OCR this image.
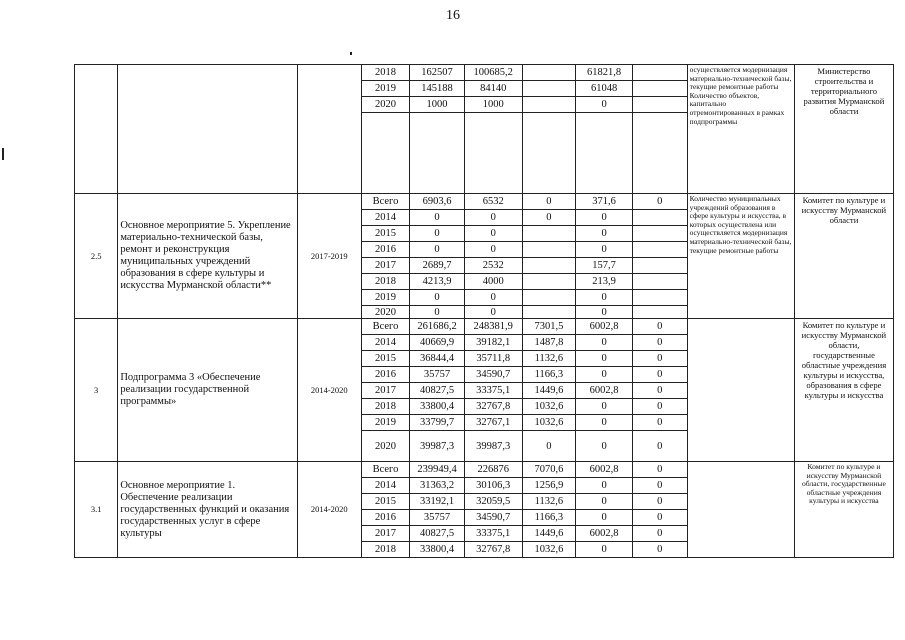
16
			2018	162507	100685,2		61821,8		осуществляется модернизация материально-технической базы, текущие ремонтные работы Количество объектов, капитально отремонтированных в рамках подпрограммы	Министерство строительства и территориального развития Мурманской области
			2019	145188	84140		61048			
			2020	1000	1000		0			

2.5	Основное мероприятие 5. Укрепление материально-технической базы, ремонт и реконструкция муниципальных учреждений образования в сфере культуры и искусства Мурманской области**	2017-2019	Всего	6903,6	6532	0	371,6	0	Количество муниципальных учреждений образования в сфере культуры и искусства, в которых осуществлена или осуществляется модернизация материально-технической базы, текущие ремонтные работы	Комитет по культуре и искусству Мурманской области
			2014	0	0	0	0			
			2015	0	0		0			
			2016	0	0		0			
			2017	2689,7	2532		157,7			
			2018	4213,9	4000		213,9			
			2019	0	0		0			
			2020	0	0		0			
3	Подпрограмма 3 «Обеспечение реализации государственной программы»	2014-2020	Всего	261686,2	248381,9	7301,5	6002,8	0		Комитет по культуре и искусству Мурманской области, государственные областные учреждения культуры и искусства, образования в сфере культуры и искусства
			2014	40669,9	39182,1	1487,8	0	0		
			2015	36844,4	35711,8	1132,6	0	0		
			2016	35757	34590,7	1166,3	0	0		
			2017	40827,5	33375,1	1449,6	6002,8	0		
			2018	33800,4	32767,8	1032,6	0	0		
			2019	33799,7	32767,1	1032,6	0	0		
			2020	39987,3	39987,3	0	0	0		
3.1	Основное мероприятие 1. Обеспечение реализации государственных функций и оказания государственных услуг в сфере культуры	2014-2020	Всего	239949,4	226876	7070,6	6002,8	0		Комитет по культуре и искусству Мурманской области, государственные областные учреждения культуры и искусства
			2014	31363,2	30106,3	1256,9	0	0		
			2015	33192,1	32059,5	1132,6	0	0		
			2016	35757	34590,7	1166,3	0	0		
			2017	40827,5	33375,1	1449,6	6002,8	0		
			2018	33800,4	32767,8	1032,6	0	0		
